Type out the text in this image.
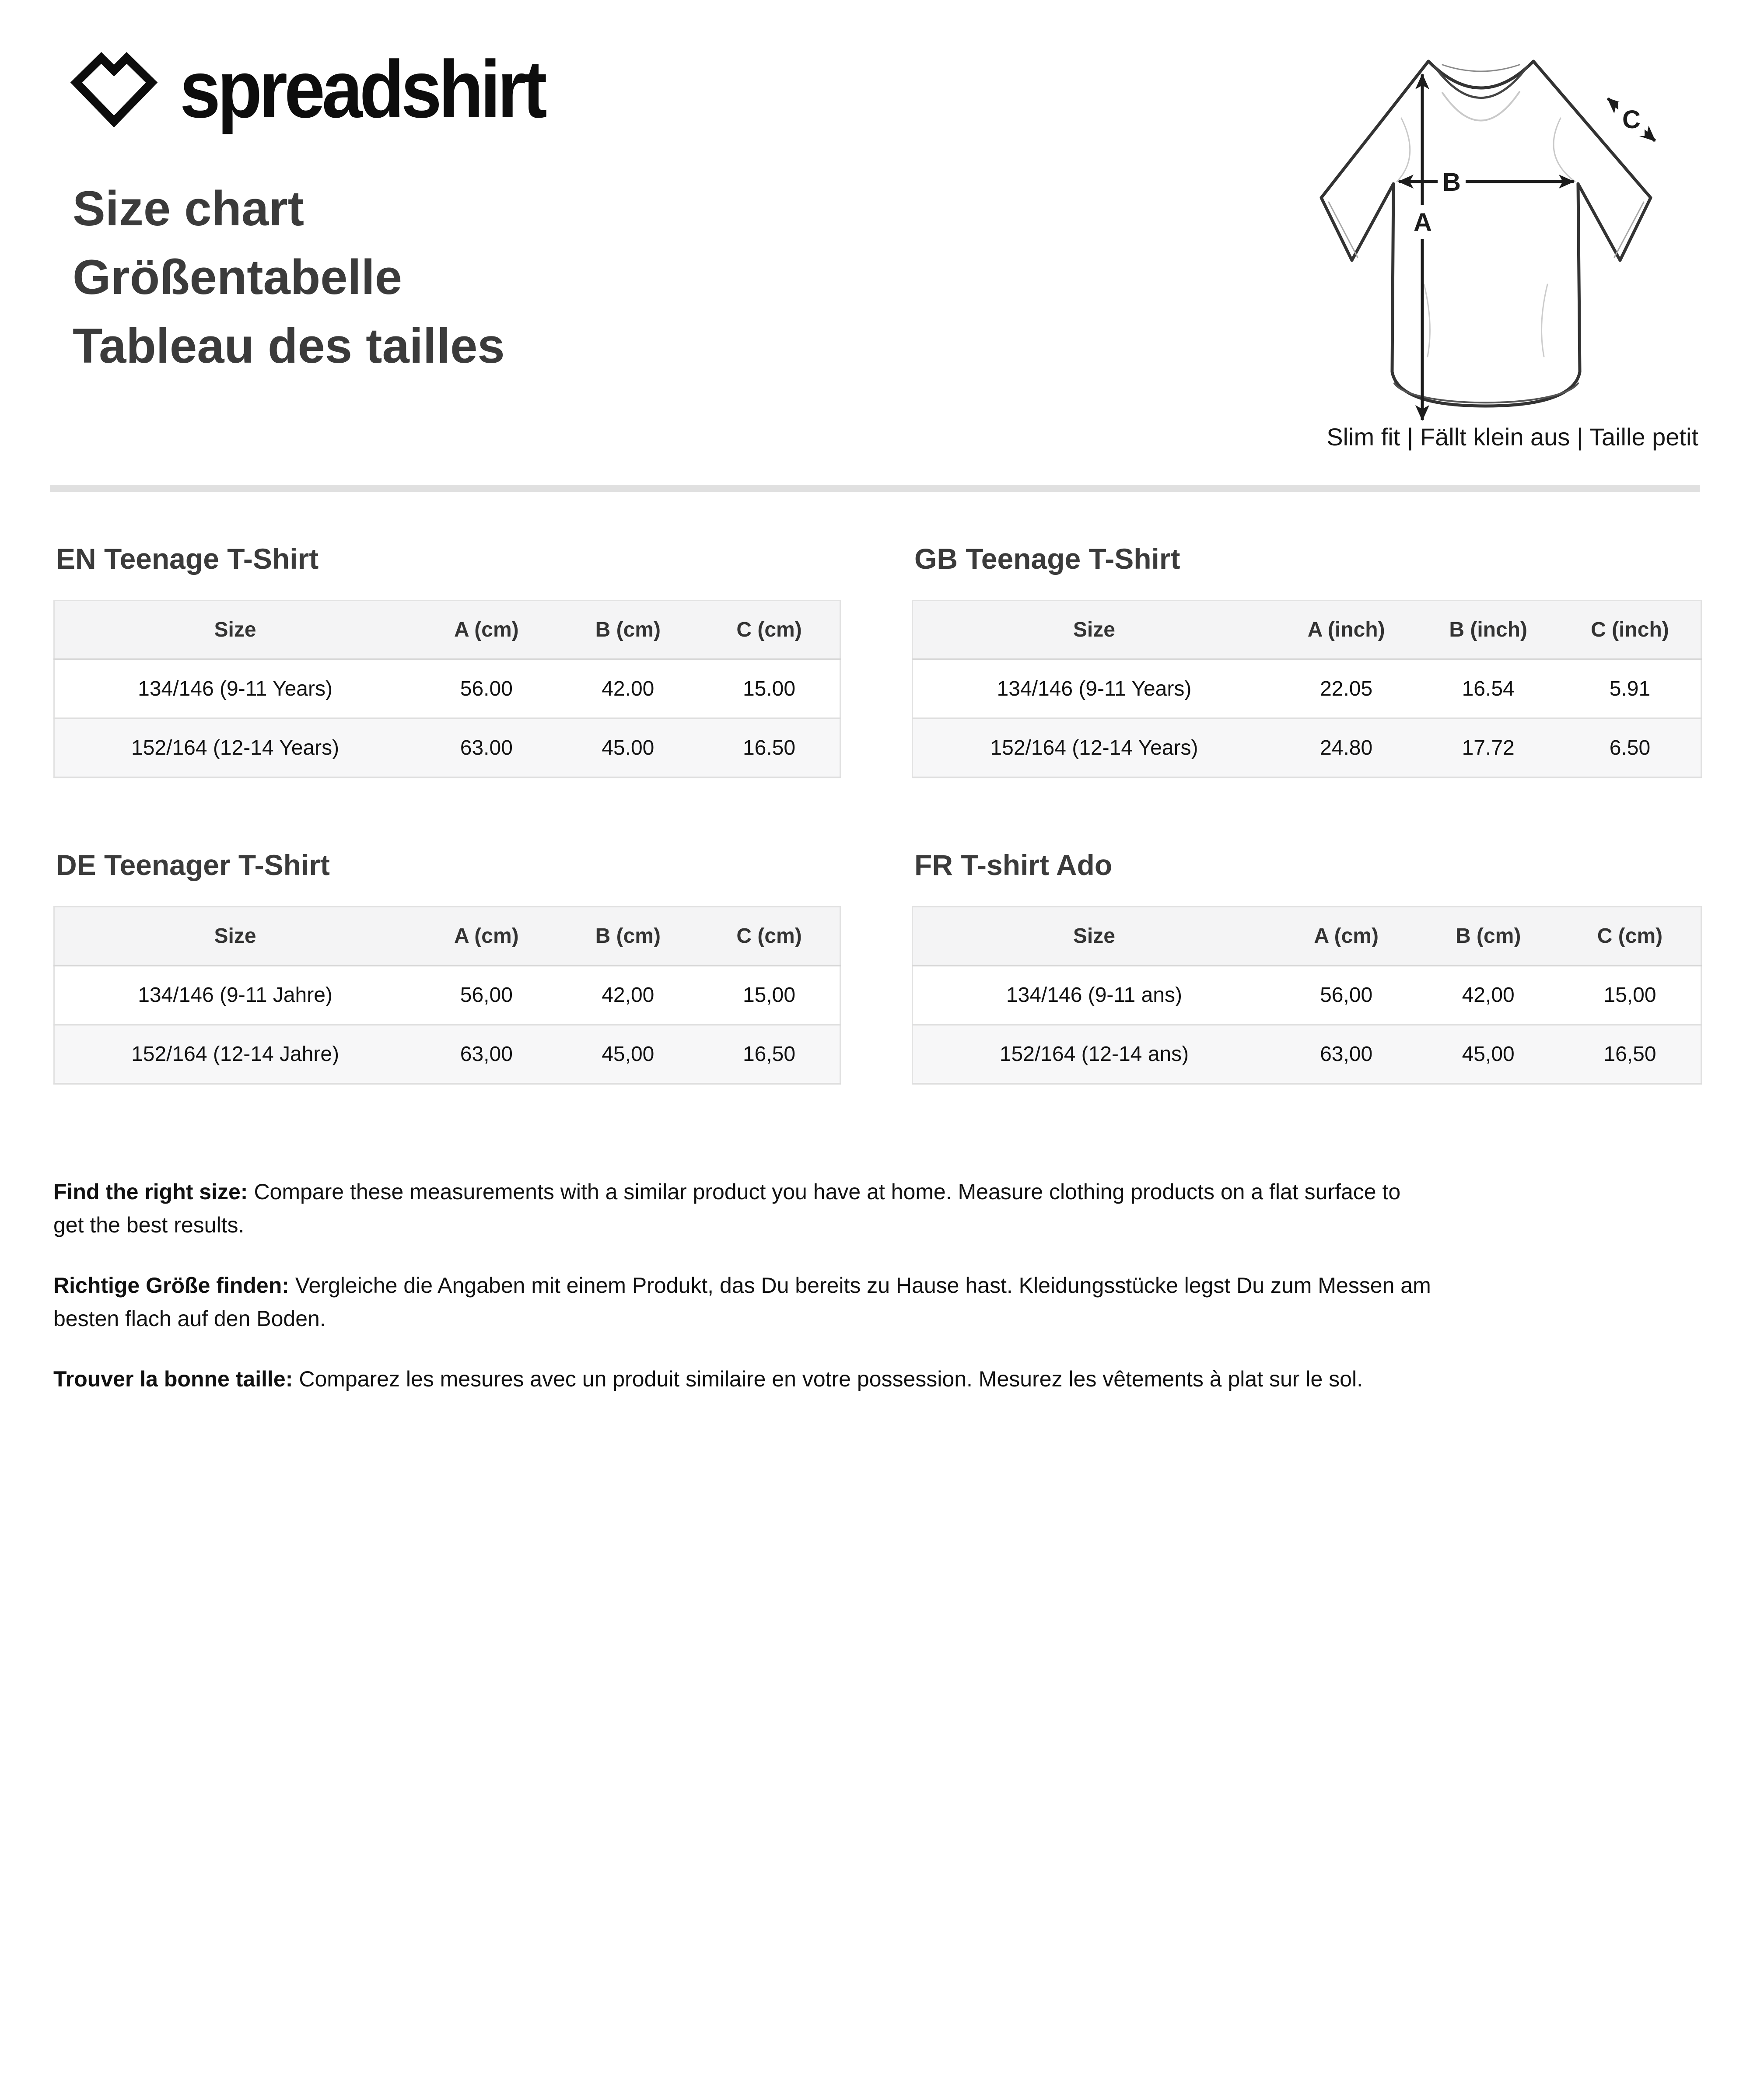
spreadshirt
Size chart
Größentabelle
Tableau des tailles
A
B
C
Slim fit | Fällt klein aus | Taille petit
EN Teenage T-Shirt
Size	A (cm)	B (cm)	C (cm)
134/146 (9-11 Years)	56.00	42.00	15.00
152/164 (12-14 Years)	63.00	45.00	16.50
GB Teenage T-Shirt
Size	A (inch)	B (inch)	C (inch)
134/146 (9-11 Years)	22.05	16.54	5.91
152/164 (12-14 Years)	24.80	17.72	6.50
DE Teenager T-Shirt
Size	A (cm)	B (cm)	C (cm)
134/146 (9-11 Jahre)	56,00	42,00	15,00
152/164 (12-14 Jahre)	63,00	45,00	16,50
FR T-shirt Ado
Size	A (cm)	B (cm)	C (cm)
134/146 (9-11 ans)	56,00	42,00	15,00
152/164 (12-14 ans)	63,00	45,00	16,50

Find the right size: Compare these measurements with a similar product you have at home. Measure clothing products on a flat surface to
get the best results.

Richtige Größe finden: Vergleiche die Angaben mit einem Produkt, das Du bereits zu Hause hast. Kleidungsstücke legst Du zum Messen am
besten flach auf den Boden.

Trouver la bonne taille: Comparez les mesures avec un produit similaire en votre possession. Mesurez les vêtements à plat sur le sol.
